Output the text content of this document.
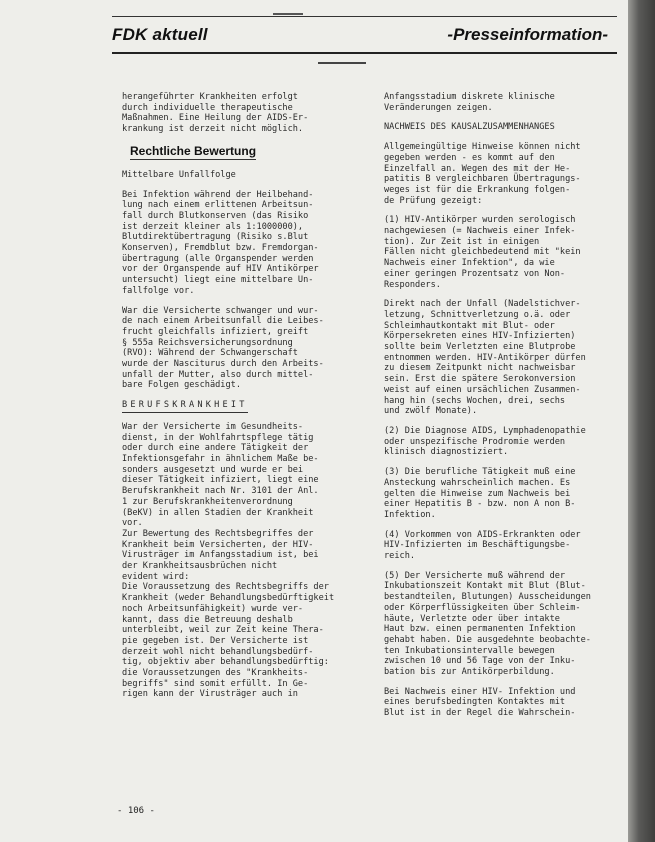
FDK aktuell	-Presseinformation-

herangeführter Krankheiten erfolgt
durch individuelle therapeutische
Maßnahmen. Eine Heilung der AIDS-Er-
krankung ist derzeit nicht möglich.

Rechtliche Bewertung

Mittelbare Unfallfolge

Bei Infektion während der Heilbehand-
lung nach einem erlittenen Arbeitsun-
fall durch Blutkonserven (das Risiko
ist derzeit kleiner als 1:1000000),
Blutdirektübertragung (Risiko s.Blut
Konserven), Fremdblut bzw. Fremdorgan-
übertragung (alle Organspender werden
vor der Organspende auf HIV Antikörper
untersucht) liegt eine mittelbare Un-
fallfolge vor.

War die Versicherte schwanger und wur-
de nach einem Arbeitsunfall die Leibes-
frucht gleichfalls infiziert, greift
§ 555a Reichsversicherungsordnung
(RVO): Während der Schwangerschaft
wurde der Nasciturus durch den Arbeits-
unfall der Mutter, also durch mittel-
bare Folgen geschädigt.

BERUFSKRANKHEIT

War der Versicherte im Gesundheits-
dienst, in der Wohlfahrtspflege tätig
oder durch eine andere Tätigkeit der
Infektionsgefahr in ähnlichem Maße be-
sonders ausgesetzt und wurde er bei
dieser Tätigkeit infiziert, liegt eine
Berufskrankheit nach Nr. 3101 der Anl.
1 zur Berufskrankheitenverordnung
(BeKV) in allen Stadien der Krankheit
vor.

Zur Bewertung des Rechtsbegriffes der
Krankheit beim Versicherten, der HIV-
Virusträger im Anfangsstadium ist, bei
der Krankheitsausbrüchen nicht
evident wird:
Die Voraussetzung des Rechtsbegriffs der
Krankheit (weder Behandlungsbedürftigkeit
noch Arbeitsunfähigkeit) wurde ver-
kannt, dass die Betreuung deshalb
unterbleibt, weil zur Zeit keine Thera-
pie gegeben ist. Der Versicherte ist
derzeit wohl nicht behandlungsbedürf-
tig, objektiv aber behandlungsbedürftig:
die Voraussetzungen des "Krankheits-
begriffs" sind somit erfüllt. In Ge-
rigen kann der Virusträger auch in

Anfangsstadium diskrete klinische
Veränderungen zeigen.

NACHWEIS DES KAUSALZUSAMMENHANGES

Allgemeingültige Hinweise können nicht
gegeben werden - es kommt auf den
Einzelfall an. Wegen des mit der He-
patitis B vergleichbaren Übertragungs-
weges ist für die Erkrankung folgen-
de Prüfung gezeigt:

(1) HIV-Antikörper wurden serologisch
nachgewiesen (= Nachweis einer Infek-
tion). Zur Zeit ist in einigen
Fällen nicht gleichbedeutend mit "kein
Nachweis einer Infektion", da wie
einer geringen Prozentsatz von Non-
Responders.

Direkt nach der Unfall (Nadelstichver-
letzung, Schnittverletzung o.ä. oder
Schleimhautkontakt mit Blut- oder
Körpersekreten eines HIV-Infizierten)
sollte beim Verletzten eine Blutprobe
entnommen werden. HIV-Antikörper dürfen
zu diesem Zeitpunkt nicht nachweisbar
sein. Erst die spätere Serokonversion
weist auf einen ursächlichen Zusammen-
hang hin (sechs Wochen, drei, sechs
und zwölf Monate).

(2) Die Diagnose AIDS, Lymphadenopathie
oder unspezifische Prodromie werden
klinisch diagnostiziert.

(3) Die berufliche Tätigkeit muß eine
Ansteckung wahrscheinlich machen. Es
gelten die Hinweise zum Nachweis bei
einer Hepatitis B - bzw. non A non B-
Infektion.

(4) Vorkommen von AIDS-Erkrankten oder
HIV-Infizierten im Beschäftigungsbe-
reich.

(5) Der Versicherte muß während der
Inkubationszeit Kontakt mit Blut (Blut-
bestandteilen, Blutungen) Ausscheidungen
oder Körperflüssigkeiten über Schleim-
häute, Verletzte oder über intakte
Haut bzw. einen permanenten Infektion
gehabt haben. Die ausgedehnte beobachte-
ten Inkubationsintervalle bewegen
zwischen 10 und 56 Tage von der Inku-
bation bis zur Antikörperbildung.

Bei Nachweis einer HIV- Infektion und
eines berufsbedingten Kontaktes mit
Blut ist in der Regel die Wahrschein-

- 106 -
